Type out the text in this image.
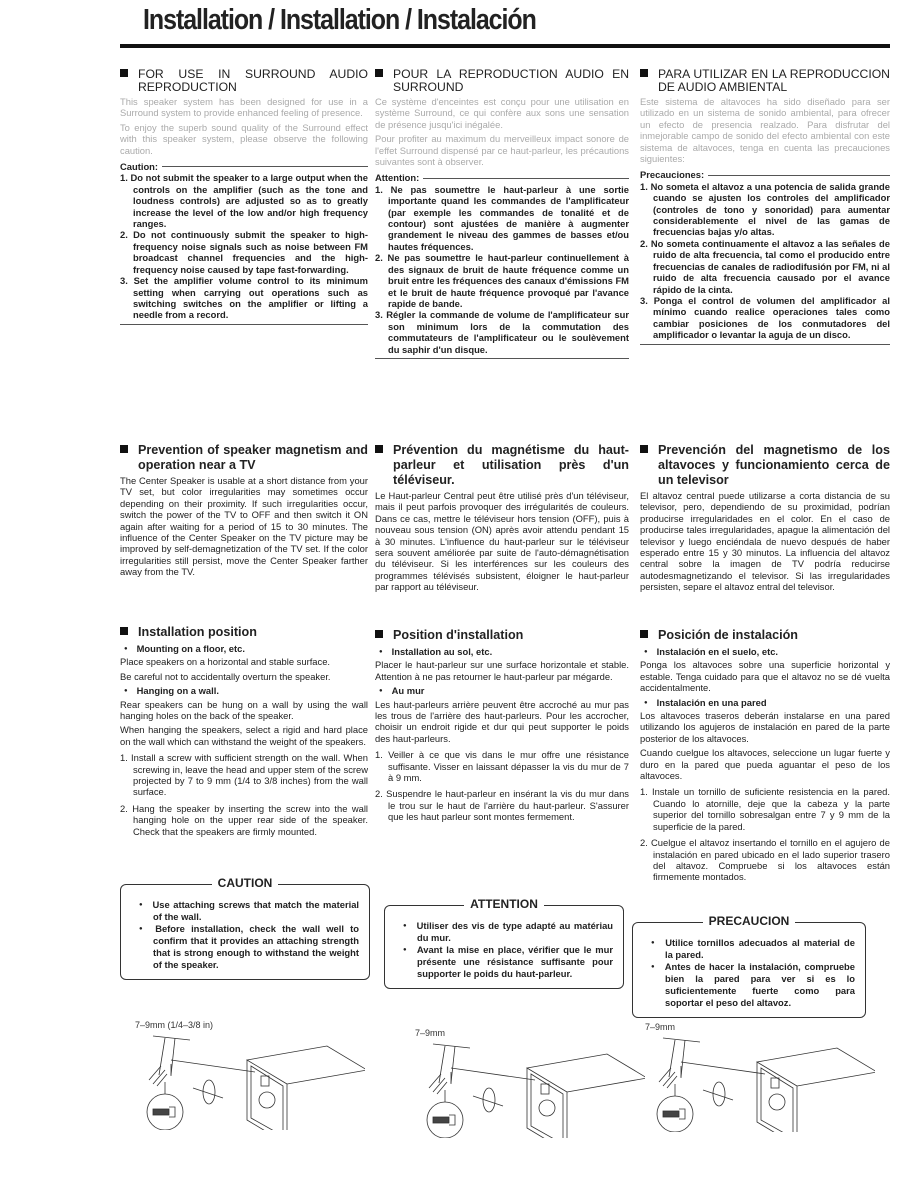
Installation / Installation / Instalación
FOR USE IN SURROUND AUDIO REPRODUCTION

This speaker system has been designed for use in a Surround system to provide enhanced feeling of presence.

To enjoy the superb sound quality of the Surround effect with this speaker system, please observe the following caution.

Caution:
1. Do not submit the speaker to a large output when the controls on the amplifier (such as the tone and loudness controls) are adjusted so as to greatly increase the level of the low and/or high frequency ranges.
2. Do not continuously submit the speaker to high-frequency noise signals such as noise between FM broadcast channel frequencies and the high-frequency noise caused by tape fast-forwarding.
3. Set the amplifier volume control to its minimum setting when carrying out operations such as switching switches on the amplifier or lifting a needle from a record.
Prevention of speaker magnetism and operation near a TV

The Center Speaker is usable at a short distance from your TV set, but color irregularities may sometimes occur depending on their proximity. If such irregularities occur, switch the power of the TV to OFF and then switch it ON again after waiting for a period of 15 to 30 minutes. The influence of the Center Speaker on the TV picture may be improved by self-demagnetization of the TV set. If the color irregularities still persist, move the Center Speaker farther away from the TV.

Installation position
● Mounting on a floor, etc.

Place speakers on a horizontal and stable surface.

Be careful not to accidentally overturn the speaker.

● Hanging on a wall.

Rear speakers can be hung on a wall by using the wall hanging holes on the back of the speaker.

When hanging the speakers, select a rigid and hard place on the wall which can withstand the weight of the speakers.

1. Install a screw with sufficient strength on the wall. When screwing in, leave the head and upper stem of the screw projected by 7 to 9 mm (1/4 to 3/8 inches) from the wall surface.
2. Hang the speaker by inserting the screw into the wall hanging hole on the upper rear side of the speaker. Check that the speakers are firmly mounted.
CAUTION
● Use attaching screws that match the material of the wall.
● Before installation, check the wall well to confirm that it provides an attaching strength that is strong enough to withstand the weight of the speaker.
7–9mm (1/4–3/8 in)
POUR LA REPRODUCTION AUDIO EN SURROUND

Ce système d'enceintes est conçu pour une utilisation en système Surround, ce qui confère aux sons une sensation de présence jusqu'ici inégalée.

Pour profiter au maximum du merveilleux impact sonore de l'effet Surround dispensé par ce haut-parleur, les précautions suivantes sont à observer.

Attention:
1. Ne pas soumettre le haut-parleur à une sortie importante quand les commandes de l'amplificateur (par exemple les commandes de tonalité et de contour) sont ajustées de manière à augmenter grandement le niveau des gammes de basses et/ou hautes fréquences.
2. Ne pas soumettre le haut-parleur continuellement à des signaux de bruit de haute fréquence comme un bruit entre les fréquences des canaux d'émissions FM et le bruit de haute fréquence provoqué par l'avance rapide de bande.
3. Régler la commande de volume de l'amplificateur sur son minimum lors de la commutation des commutateurs de l'amplificateur ou le soulèvement du saphir d'un disque.
Prévention du magnétisme du haut-parleur et utilisation près d'un téléviseur.

Le Haut-parleur Central peut être utilisé près d'un téléviseur, mais il peut parfois provoquer des irrégularités de couleurs. Dans ce cas, mettre le téléviseur hors tension (OFF), puis à nouveau sous tension (ON) après avoir attendu pendant 15 à 30 minutes. L'influence du haut-parleur sur le téléviseur sera souvent améliorée par suite de l'auto-démagnétisation du téléviseur. Si les interférences sur les couleurs des programmes télévisés subsistent, éloigner le haut-parleur par rapport au téléviseur.

Position d'installation
● Installation au sol, etc.

Placer le haut-parleur sur une surface horizontale et stable. Attention à ne pas retourner le haut-parleur par mégarde.

● Au mur

Les haut-parleurs arrière peuvent être accroché au mur pas les trous de l'arrière des haut-parleurs. Pour les accrocher, choisir un endroit rigide et dur qui peut supporter le poids des haut-parleurs.

1. Veiller à ce que vis dans le mur offre une résistance suffisante. Visser en laissant dépasser la vis du mur de 7 à 9 mm.
2. Suspendre le haut-parleur en insérant la vis du mur dans le trou sur le haut de l'arrière du haut-parleur. S'assurer que les haut parleur sont montes fermement.
ATTENTION
● Utiliser des vis de type adapté au matériau du mur.
● Avant la mise en place, vérifier que le mur présente une résistance suffisante pour supporter le poids du haut-parleur.
7–9mm
PARA UTILIZAR EN LA REPRODUCCION DE AUDIO AMBIENTAL

Este sistema de altavoces ha sido diseñado para ser utilizado en un sistema de sonido ambiental, para ofrecer un efecto de presencia realzado. Para disfrutar del inmejorable campo de sonido del efecto ambiental con este sistema de altavoces, tenga en cuenta las precauciones siguientes:

Precauciones:
1. No someta el altavoz a una potencia de salida grande cuando se ajusten los controles del amplificador (controles de tono y sonoridad) para aumentar considerablemente el nivel de las gamas de frecuencias bajas y/o altas.
2. No someta continuamente el altavoz a las señales de ruido de alta frecuencia, tal como el producido entre frecuencias de canales de radiodifusión por FM, ni al ruido de alta frecuencia causado por el avance rápido de la cinta.
3. Ponga el control de volumen del amplificador al mínimo cuando realice operaciones tales como cambiar posiciones de los conmutadores del amplificador o levantar la aguja de un disco.
Prevención del magnetismo de los altavoces y funcionamiento cerca de un televisor

El altavoz central puede utilizarse a corta distancia de su televisor, pero, dependiendo de su proximidad, podrían producirse irregularidades en el color. En el caso de producirse tales irregularidades, apague la alimentación del televisor y luego enciéndala de nuevo después de haber esperado entre 15 y 30 minutos. La influencia del altavoz central sobre la imagen de TV podría reducirse autodesmagnetizando el televisor. Si las irregularidades persisten, separe el altavoz entral del televisor.

Posición de instalación
● Instalación en el suelo, etc.

Ponga los altavoces sobre una superficie horizontal y estable. Tenga cuidado para que el altavoz no se dé vuelta accidentalmente.

● Instalación en una pared

Los altavoces traseros deberán instalarse en una pared utilizando los agujeros de instalación en pared de la parte posterior de los altavoces.

Cuando cuelgue los altavoces, seleccione un lugar fuerte y duro en la pared que pueda aguantar el peso de los altavoces.

1. Instale un tornillo de suficiente resistencia en la pared. Cuando lo atornille, deje que la cabeza y la parte superior del tornillo sobresalgan entre 7 y 9 mm de la superficie de la pared.
2. Cuelgue el altavoz insertando el tornillo en el agujero de instalación en pared ubicado en el lado superior trasero del altavoz. Compruebe si los altavoces están firmemente montados.
PRECAUCION
● Utilice tornillos adecuados al material de la pared.
● Antes de hacer la instalación, compruebe bien la pared para ver si es lo suficientemente fuerte como para soportar el peso del altavoz.
7–9mm
